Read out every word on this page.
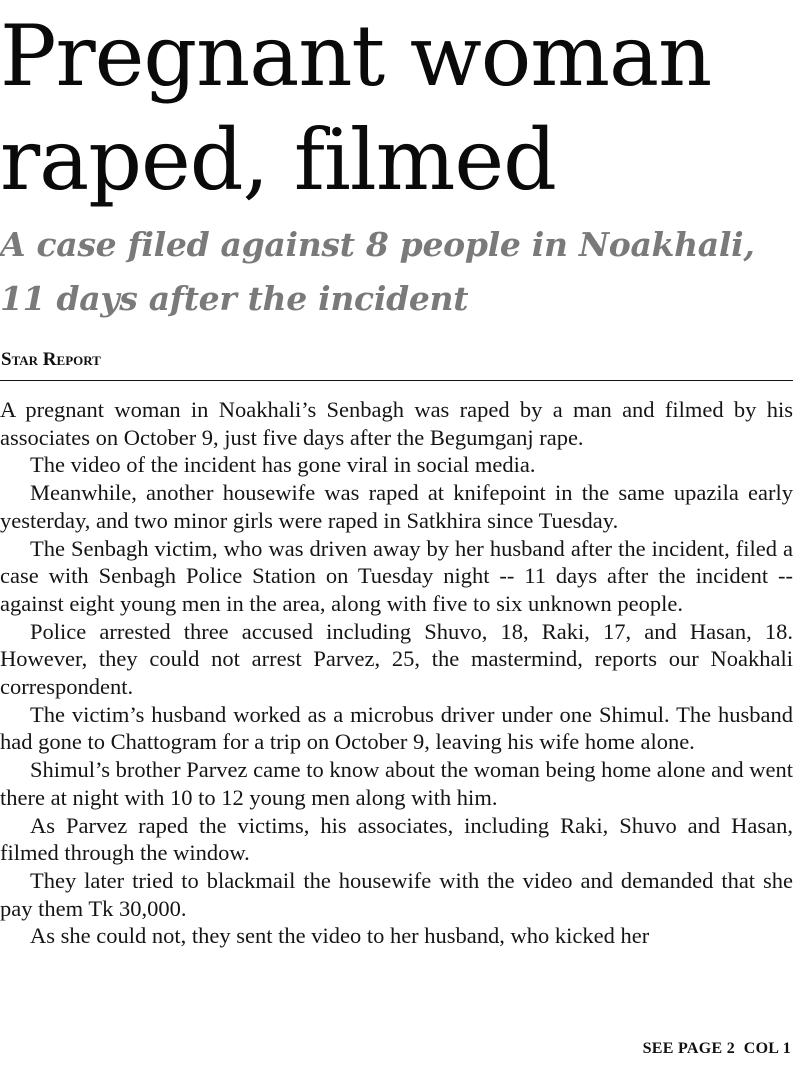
Pregnant woman
raped, filmed
A case filed against 8 people in Noakhali,
11 days after the incident
Star Report

A pregnant woman in Noakhali’s Senbagh was raped by a man and filmed by his associates on October 9, just five days after the Begumganj rape.

The video of the incident has gone viral in social media.

Meanwhile, another housewife was raped at knifepoint in the same upazila early yesterday, and two minor girls were raped in Satkhira since Tuesday.

The Senbagh victim, who was driven away by her husband after the incident, filed a case with Senbagh Police Station on Tuesday night -- 11 days after the incident -- against eight young men in the area, along with five to six unknown people.

Police arrested three accused including Shuvo, 18, Raki, 17, and Hasan, 18. However, they could not arrest Parvez, 25, the mastermind, reports our Noakhali correspondent.

The victim’s husband worked as a microbus driver under one Shimul. The husband had gone to Chattogram for a trip on October 9, leaving his wife home alone.

Shimul’s brother Parvez came to know about the woman being home alone and went there at night with 10 to 12 young men along with him.

As Parvez raped the victims, his associates, including Raki, Shuvo and Hasan, filmed through the window.

They later tried to blackmail the housewife with the video and demanded that she pay them Tk 30,000.

As she could not, they sent the video to her husband, who kicked her

SEE PAGE 2  COL 1
